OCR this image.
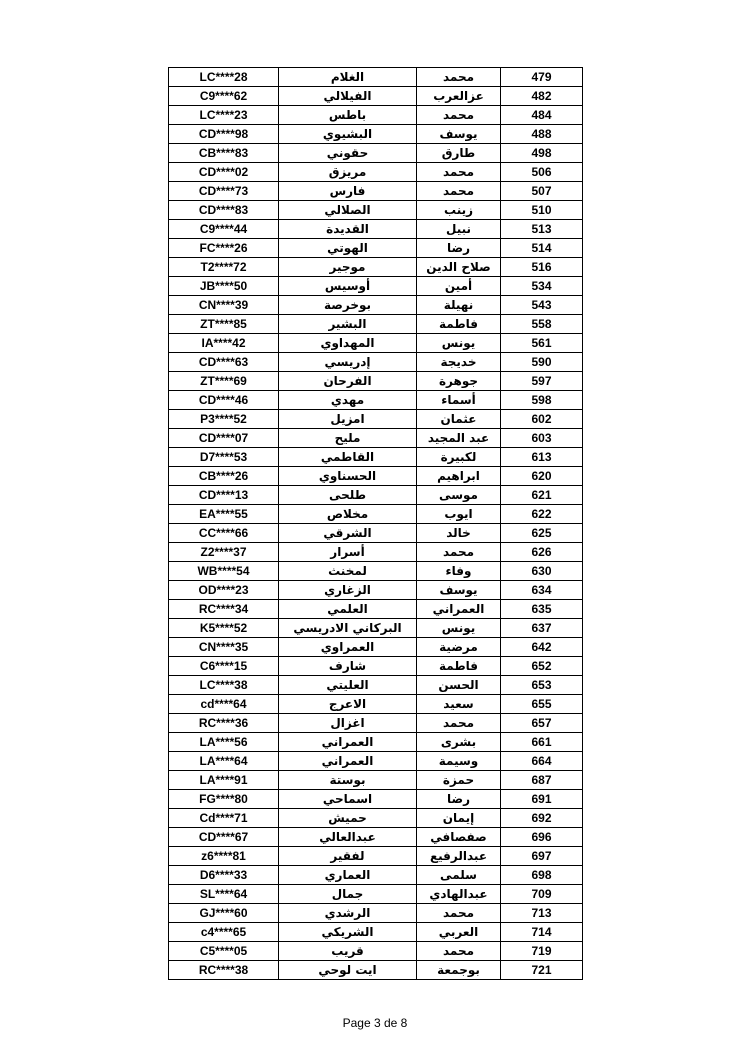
LC****28	الغلام	محمد	479
C9****62	الفيلالي	عزالعرب	482
LC****23	باطس	محمد	484
CD****98	البشيوي	يوسف	488
CB****83	حقوني	طارق	498
CD****02	مريزق	محمد	506
CD****73	فارس	محمد	507
CD****83	الصلالي	زينب	510
C9****44	القديدة	نبيل	513
FC****26	الهوتي	رضا	514
T2****72	موجير	صلاح الدين	516
JB****50	أوسيس	أمين	534
CN****39	بوخرصة	نهيلة	543
ZT****85	البشير	فاطمة	558
IA****42	المهداوي	يونس	561
CD****63	إدريسي	خديجة	590
ZT****69	الفرحان	جوهرة	597
CD****46	مهدي	أسماء	598
P3****52	امزيل	عثمان	602
CD****07	مليح	عبد المجيد	603
D7****53	القاطمي	لكبيرة	613
CB****26	الحسناوي	ابراهيم	620
CD****13	طلحى	موسى	621
EA****55	مخلاص	ايوب	622
CC****66	الشرقي	خالد	625
Z2****37	أسرار	محمد	626
WB****54	لمخنث	وفاء	630
OD****23	الزغاري	يوسف	634
RC****34	العلمي	العمراني	635
K5****52	البركاني الادريسي	يونس	637
CN****35	العمراوي	مرضية	642
C6****15	شارف	فاطمة	652
LC****38	العليتي	الحسن	653
cd****64	الاعرج	سعيد	655
RC****36	اغزال	محمد	657
LA****56	العمراني	بشرى	661
LA****64	العمراني	وسيمة	664
LA****91	بوستة	حمزة	687
FG****80	اسماحي	رضا	691
Cd****71	حميش	إيمان	692
CD****67	عبدالعالي	صفصافي	696
z6****81	لفقير	عبدالرفيع	697
D6****33	العماري	سلمى	698
SL****64	جمال	عبدالهادي	709
GJ****60	الرشدي	محمد	713
c4****65	الشريكي	العربي	714
C5****05	قريب	محمد	719
RC****38	ايت لوحي	بوجمعة	721
Page 3 de 8
